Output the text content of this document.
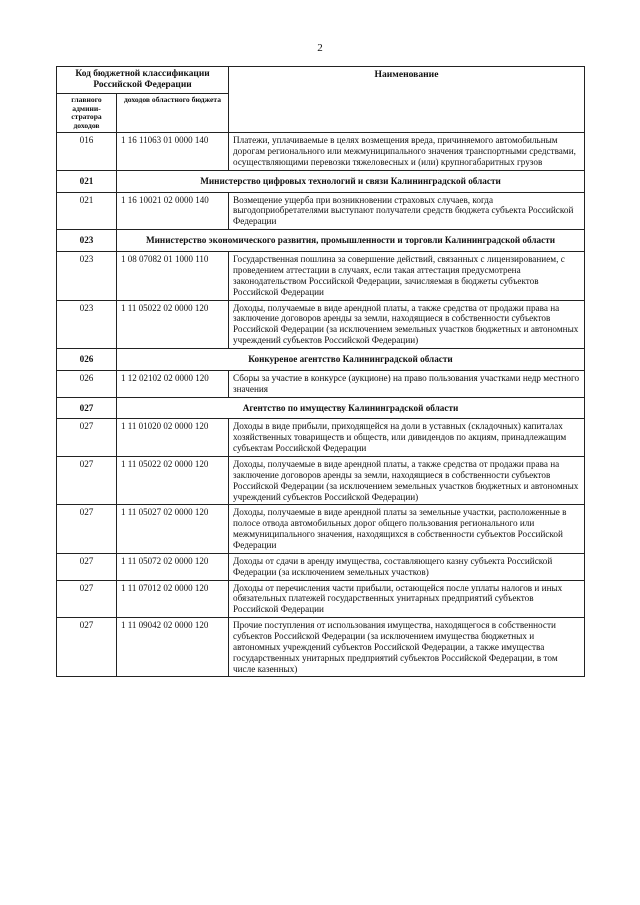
2
Код бюджетной классификации Российской Федерации		Наименование
главного админи-стратора доходов	доходов областного бюджета	
016	1 16 11063 01 0000 140	Платежи, уплачиваемые в целях возмещения вреда, причиняемого автомобильным дорогам регионального или межмуниципального значения транспортными средствами, осуществляющими перевозки тяжеловесных и (или) крупногабаритных грузов
021	Министерство цифровых технологий и связи Калининградской области	
021	1 16 10021 02 0000 140	Возмещение ущерба при возникновении страховых случаев, когда выгодоприобретателями выступают получатели средств бюджета субъекта Российской Федерации
023	Министерство экономического развития, промышленности и торговли Калининградской области	
023	1 08 07082 01 1000 110	Государственная пошлина за совершение действий, связанных с лицензированием, с проведением аттестации в случаях, если такая аттестация предусмотрена законодательством Российской Федерации, зачисляемая в бюджеты субъектов Российской Федерации
023	1 11 05022 02 0000 120	Доходы, получаемые в виде арендной платы, а также средства от продажи права на заключение договоров аренды за земли, находящиеся в собственности субъектов Российской Федерации (за исключением земельных участков бюджетных и автономных учреждений субъектов Российской Федерации)
026	Конкуреное агентство Калининградской области	
026	1 12 02102 02 0000 120	Сборы за участие в конкурсе (аукционе) на право пользования участками недр местного значения
027	Агентство по имуществу Калининградской области	
027	1 11 01020 02 0000 120	Доходы в виде прибыли, приходящейся на доли в уставных (складочных) капиталах хозяйственных товариществ и обществ, или дивидендов по акциям, принадлежащим субъектам Российской Федерации
027	1 11 05022 02 0000 120	Доходы, получаемые в виде арендной платы, а также средства от продажи права на заключение договоров аренды за земли, находящиеся в собственности субъектов Российской Федерации (за исключением земельных участков бюджетных и автономных учреждений субъектов Российской Федерации)
027	1 11 05027 02 0000 120	Доходы, получаемые в виде арендной платы за земельные участки, расположенные в полосе отвода автомобильных дорог общего пользования регионального или межмуниципального значения, находящихся в собственности субъектов Российской Федерации
027	1 11 05072 02 0000 120	Доходы от сдачи в аренду имущества, составляющего казну субъекта Российской Федерации (за исключением земельных участков)
027	1 11 07012 02 0000 120	Доходы от перечисления части прибыли, остающейся после уплаты налогов и иных обязательных платежей государственных унитарных предприятий субъектов Российской Федерации
027	1 11 09042 02 0000 120	Прочие поступления от использования имущества, находящегося в собственности субъектов Российской Федерации (за исключением имущества бюджетных и автономных учреждений субъектов Российской Федерации, а также имущества государственных унитарных предприятий субъектов Российской Федерации, в том числе казенных)
